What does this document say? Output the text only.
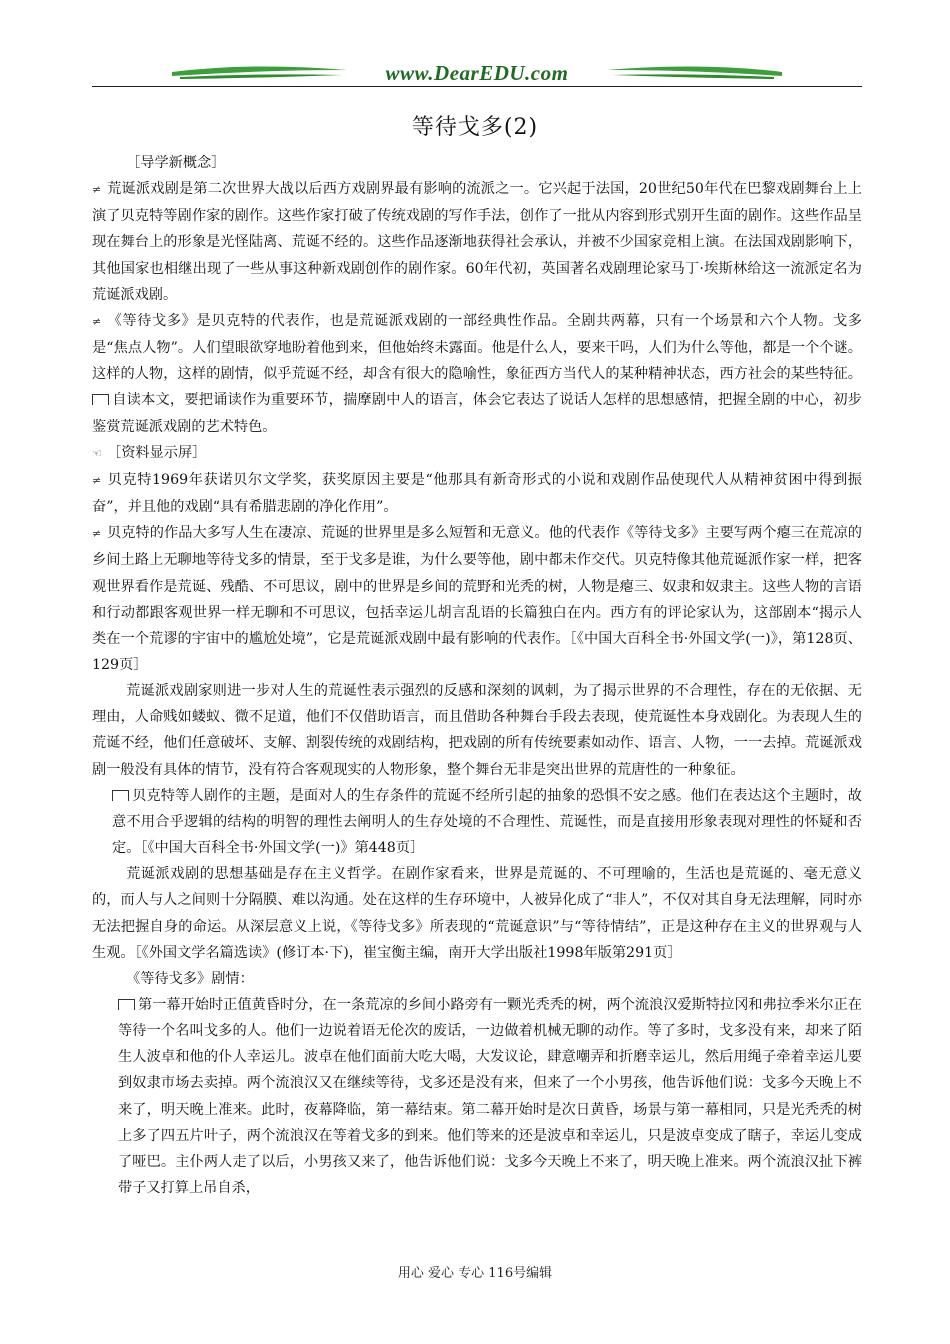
www.DearEDU.com
等待戈多(2)

［导学新概念］

≠ 荒诞派戏剧是第二次世界大战以后西方戏剧界最有影响的流派之一。它兴起于法国，20世纪50年代在巴黎戏剧舞台上上演了贝克特等剧作家的剧作。这些作家打破了传统戏剧的写作手法，创作了一批从内容到形式别开生面的剧作。这些作品呈现在舞台上的形象是光怪陆离、荒诞不经的。这些作品逐渐地获得社会承认，并被不少国家竞相上演。在法国戏剧影响下，其他国家也相继出现了一些从事这种新戏剧创作的剧作家。60年代初，英国著名戏剧理论家马丁·埃斯林给这一流派定名为荒诞派戏剧。

≠ 《等待戈多》是贝克特的代表作，也是荒诞派戏剧的一部经典性作品。全剧共两幕，只有一个场景和六个人物。戈多是“焦点人物”。人们望眼欲穿地盼着他到来，但他始终未露面。他是什么人，要来干吗，人们为什么等他，都是一个个谜。这样的人物，这样的剧情，似乎荒诞不经，却含有很大的隐喻性，象征西方当代人的某种精神状态，西方社会的某些特征。自读本文，要把诵读作为重要环节，揣摩剧中人的语言，体会它表达了说话人怎样的思想感情，把握全剧的中心，初步鉴赏荒诞派戏剧的艺术特色。

☜ ［资料显示屏］

≠ 贝克特1969年获诺贝尔文学奖，获奖原因主要是“他那具有新奇形式的小说和戏剧作品使现代人从精神贫困中得到振奋”，并且他的戏剧“具有希腊悲剧的净化作用”。

≠ 贝克特的作品大多写人生在凄凉、荒诞的世界里是多么短暂和无意义。他的代表作《等待戈多》主要写两个瘪三在荒凉的乡间土路上无聊地等待戈多的情景，至于戈多是谁，为什么要等他，剧中都未作交代。贝克特像其他荒诞派作家一样，把客观世界看作是荒诞、残酷、不可思议，剧中的世界是乡间的荒野和光秃的树，人物是瘪三、奴隶和奴隶主。这些人物的言语和行动都跟客观世界一样无聊和不可思议，包括幸运儿胡言乱语的长篇独白在内。西方有的评论家认为，这部剧本“揭示人类在一个荒谬的宇宙中的尴尬处境”，它是荒诞派戏剧中最有影响的代表作。［《中国大百科全书·外国文学(一)》，第128页、129页］

荒诞派戏剧家则进一步对人生的荒诞性表示强烈的反感和深刻的讽刺，为了揭示世界的不合理性，存在的无依据、无理由，人命贱如蝼蚁、微不足道，他们不仅借助语言，而且借助各种舞台手段去表现，使荒诞性本身戏剧化。为表现人生的荒诞不经，他们任意破坏、支解、割裂传统的戏剧结构，把戏剧的所有传统要素如动作、语言、人物，一一去掉。荒诞派戏剧一般没有具体的情节，没有符合客观现实的人物形象，整个舞台无非是突出世界的荒唐性的一种象征。

贝克特等人剧作的主题，是面对人的生存条件的荒诞不经所引起的抽象的恐惧不安之感。他们在表达这个主题时，故意不用合乎逻辑的结构的明智的理性去阐明人的生存处境的不合理性、荒诞性，而是直接用形象表现对理性的怀疑和否定。［《中国大百科全书·外国文学(一)》第448页］

荒诞派戏剧的思想基础是存在主义哲学。在剧作家看来，世界是荒诞的、不可理喻的，生活也是荒诞的、毫无意义的，而人与人之间则十分隔膜、难以沟通。处在这样的生存环境中，人被异化成了“非人”，不仅对其自身无法理解，同时亦无法把握自身的命运。从深层意义上说，《等待戈多》所表现的“荒诞意识”与“等待情结”，正是这种存在主义的世界观与人生观。［《外国文学名篇选读》(修订本·下)，崔宝衡主编，南开大学出版社1998年版第291页］

《等待戈多》剧情：

第一幕开始时正值黄昏时分，在一条荒凉的乡间小路旁有一颗光秃秃的树，两个流浪汉爱斯特拉冈和弗拉季米尔正在等待一个名叫戈多的人。他们一边说着语无伦次的废话，一边做着机械无聊的动作。等了多时，戈多没有来，却来了陌生人波卓和他的仆人幸运儿。波卓在他们面前大吃大喝，大发议论，肆意嘲弄和折磨幸运儿，然后用绳子牵着幸运儿要到奴隶市场去卖掉。两个流浪汉又在继续等待，戈多还是没有来，但来了一个小男孩，他告诉他们说：戈多今天晚上不来了，明天晚上准来。此时，夜幕降临，第一幕结束。第二幕开始时是次日黄昏，场景与第一幕相同，只是光秃秃的树上多了四五片叶子，两个流浪汉在等着戈多的到来。他们等来的还是波卓和幸运儿，只是波卓变成了瞎子，幸运儿变成了哑巴。主仆两人走了以后，小男孩又来了，他告诉他们说：戈多今天晚上不来了，明天晚上准来。两个流浪汉扯下裤带子又打算上吊自杀，

用心 爱心 专心 116号编辑
